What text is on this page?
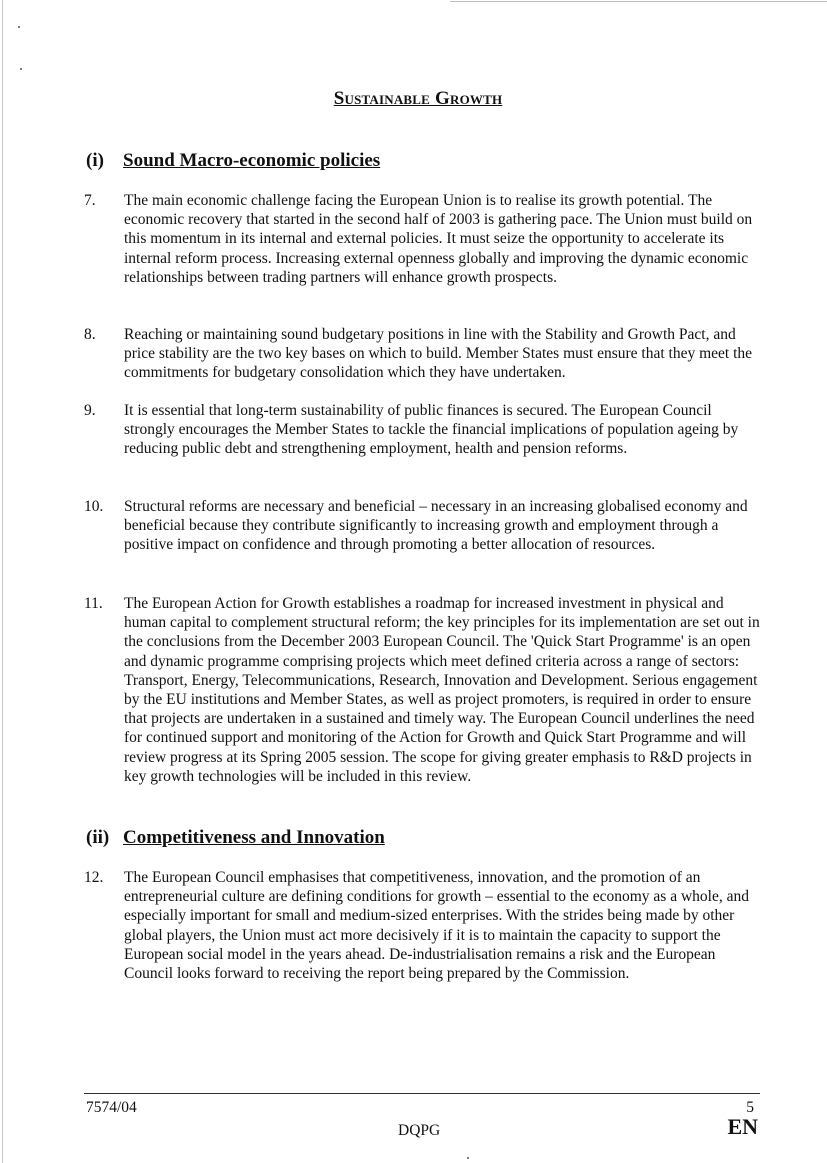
Sustainable Growth
(i) Sound Macro-economic policies
7. The main economic challenge facing the European Union is to realise its growth potential. The economic recovery that started in the second half of 2003 is gathering pace. The Union must build on this momentum in its internal and external policies. It must seize the opportunity to accelerate its internal reform process. Increasing external openness globally and improving the dynamic economic relationships between trading partners will enhance growth prospects.
8. Reaching or maintaining sound budgetary positions in line with the Stability and Growth Pact, and price stability are the two key bases on which to build. Member States must ensure that they meet the commitments for budgetary consolidation which they have undertaken.
9. It is essential that long-term sustainability of public finances is secured. The European Council strongly encourages the Member States to tackle the financial implications of population ageing by reducing public debt and strengthening employment, health and pension reforms.
10. Structural reforms are necessary and beneficial – necessary in an increasing globalised economy and beneficial because they contribute significantly to increasing growth and employment through a positive impact on confidence and through promoting a better allocation of resources.
11. The European Action for Growth establishes a roadmap for increased investment in physical and human capital to complement structural reform; the key principles for its implementation are set out in the conclusions from the December 2003 European Council. The 'Quick Start Programme' is an open and dynamic programme comprising projects which meet defined criteria across a range of sectors: Transport, Energy, Telecommunications, Research, Innovation and Development. Serious engagement by the EU institutions and Member States, as well as project promoters, is required in order to ensure that projects are undertaken in a sustained and timely way. The European Council underlines the need for continued support and monitoring of the Action for Growth and Quick Start Programme and will review progress at its Spring 2005 session. The scope for giving greater emphasis to R&D projects in key growth technologies will be included in this review.
(ii) Competitiveness and Innovation
12. The European Council emphasises that competitiveness, innovation, and the promotion of an entrepreneurial culture are defining conditions for growth – essential to the economy as a whole, and especially important for small and medium-sized enterprises. With the strides being made by other global players, the Union must act more decisively if it is to maintain the capacity to support the European social model in the years ahead. De-industrialisation remains a risk and the European Council looks forward to receiving the report being prepared by the Commission.
7574/04
DQPG
5
EN
